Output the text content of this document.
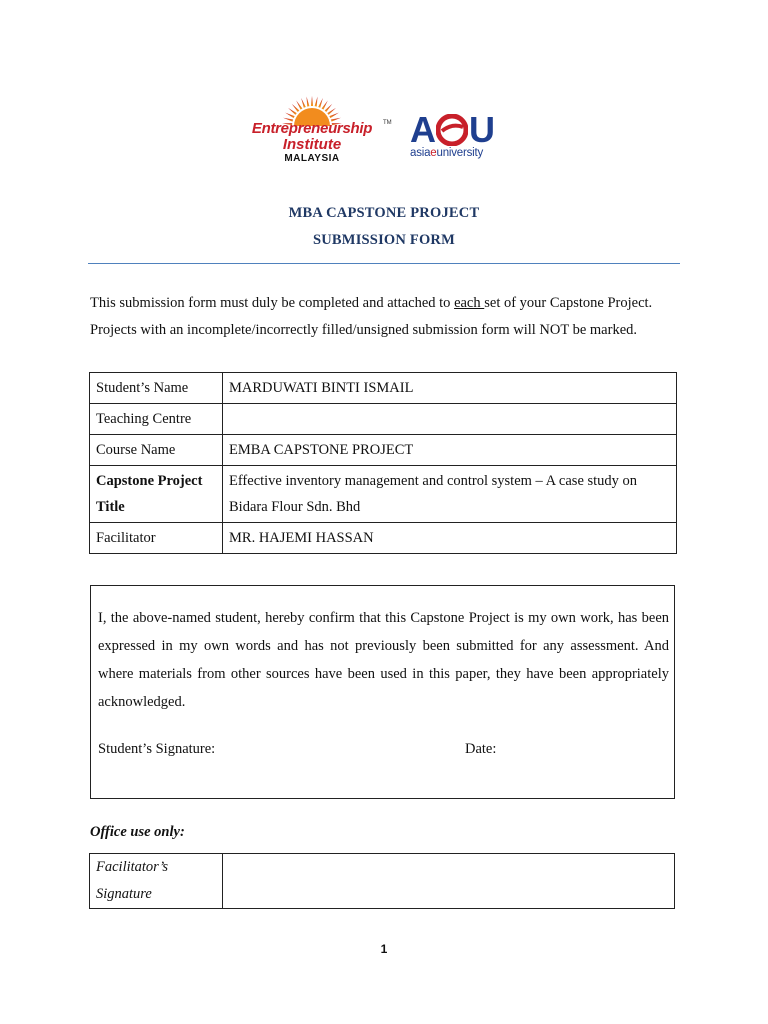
Entrepreneurship	TM
Institute
MALAYSIA
A U
asiaeuniversity
MBA CAPSTONE PROJECT
SUBMISSION FORM
This submission form must duly be completed and attached to each set of your Capstone Project.
Projects with an incomplete/incorrectly filled/unsigned submission form will NOT be marked.
Student’s Name	MARDUWATI BINTI ISMAIL
Teaching Centre	
Course Name	EMBA CAPSTONE PROJECT
Capstone Project Title	Effective inventory management and control system – A case study on Bidara Flour Sdn. Bhd
Facilitator	MR. HAJEMI HASSAN
I, the above-named student, hereby confirm that this Capstone Project is my own work, has been expressed in my own words and has not previously been submitted for any assessment. And where materials from other sources have been used in this paper, they have been appropriately acknowledged.
Student’s Signature:	Date:
Office use only:
Facilitator’s Signature	
1
